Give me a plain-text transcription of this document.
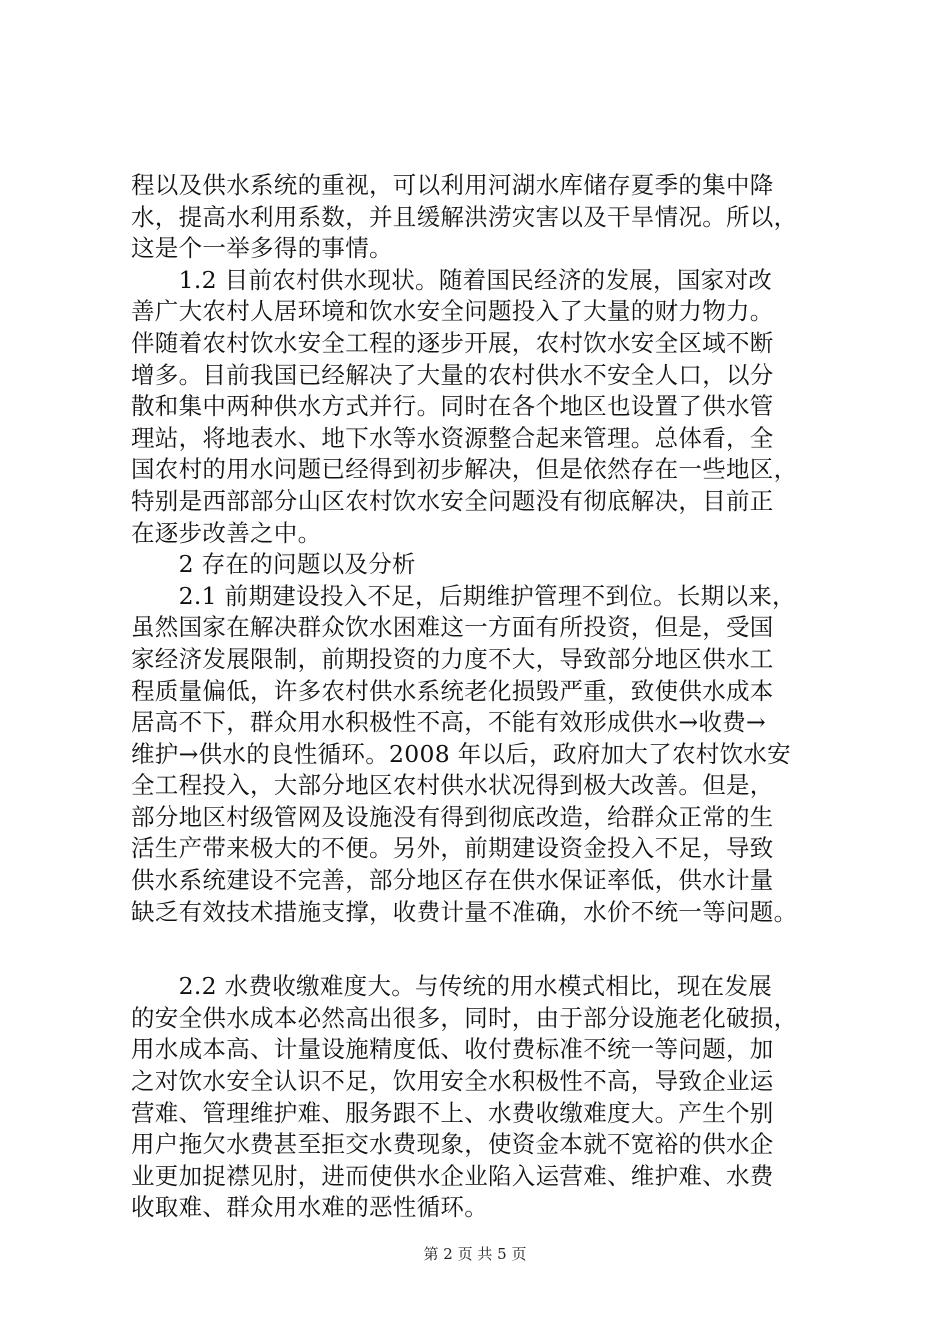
程以及供水系统的重视，可以利用河湖水库储存夏季的集中降
水，提高水利用系数，并且缓解洪涝灾害以及干旱情况。所以，
这是个一举多得的事情。
　　1.2 目前农村供水现状。随着国民经济的发展，国家对改
善广大农村人居环境和饮水安全问题投入了大量的财力物力。
伴随着农村饮水安全工程的逐步开展，农村饮水安全区域不断
增多。目前我国已经解决了大量的农村供水不安全人口，以分
散和集中两种供水方式并行。同时在各个地区也设置了供水管
理站，将地表水、地下水等水资源整合起来管理。总体看，全
国农村的用水问题已经得到初步解决，但是依然存在一些地区，
特别是西部部分山区农村饮水安全问题没有彻底解决，目前正
在逐步改善之中。
　　2 存在的问题以及分析
　　2.1 前期建设投入不足，后期维护管理不到位。长期以来，
虽然国家在解决群众饮水困难这一方面有所投资，但是，受国
家经济发展限制，前期投资的力度不大，导致部分地区供水工
程质量偏低，许多农村供水系统老化损毁严重，致使供水成本
居高不下，群众用水积极性不高，不能有效形成供水→收费→
维护→供水的良性循环。2008 年以后，政府加大了农村饮水安
全工程投入，大部分地区农村供水状况得到极大改善。但是，
部分地区村级管网及设施没有得到彻底改造，给群众正常的生
活生产带来极大的不便。另外，前期建设资金投入不足，导致
供水系统建设不完善，部分地区存在供水保证率低，供水计量
缺乏有效技术措施支撑，收费计量不准确，水价不统一等问题。
　　2.2 水费收缴难度大。与传统的用水模式相比，现在发展
的安全供水成本必然高出很多，同时，由于部分设施老化破损，
用水成本高、计量设施精度低、收付费标准不统一等问题，加
之对饮水安全认识不足，饮用安全水积极性不高，导致企业运
营难、管理维护难、服务跟不上、水费收缴难度大。产生个别
用户拖欠水费甚至拒交水费现象，使资金本就不宽裕的供水企
业更加捉襟见肘，进而使供水企业陷入运营难、维护难、水费
收取难、群众用水难的恶性循环。
第 2 页 共 5 页
